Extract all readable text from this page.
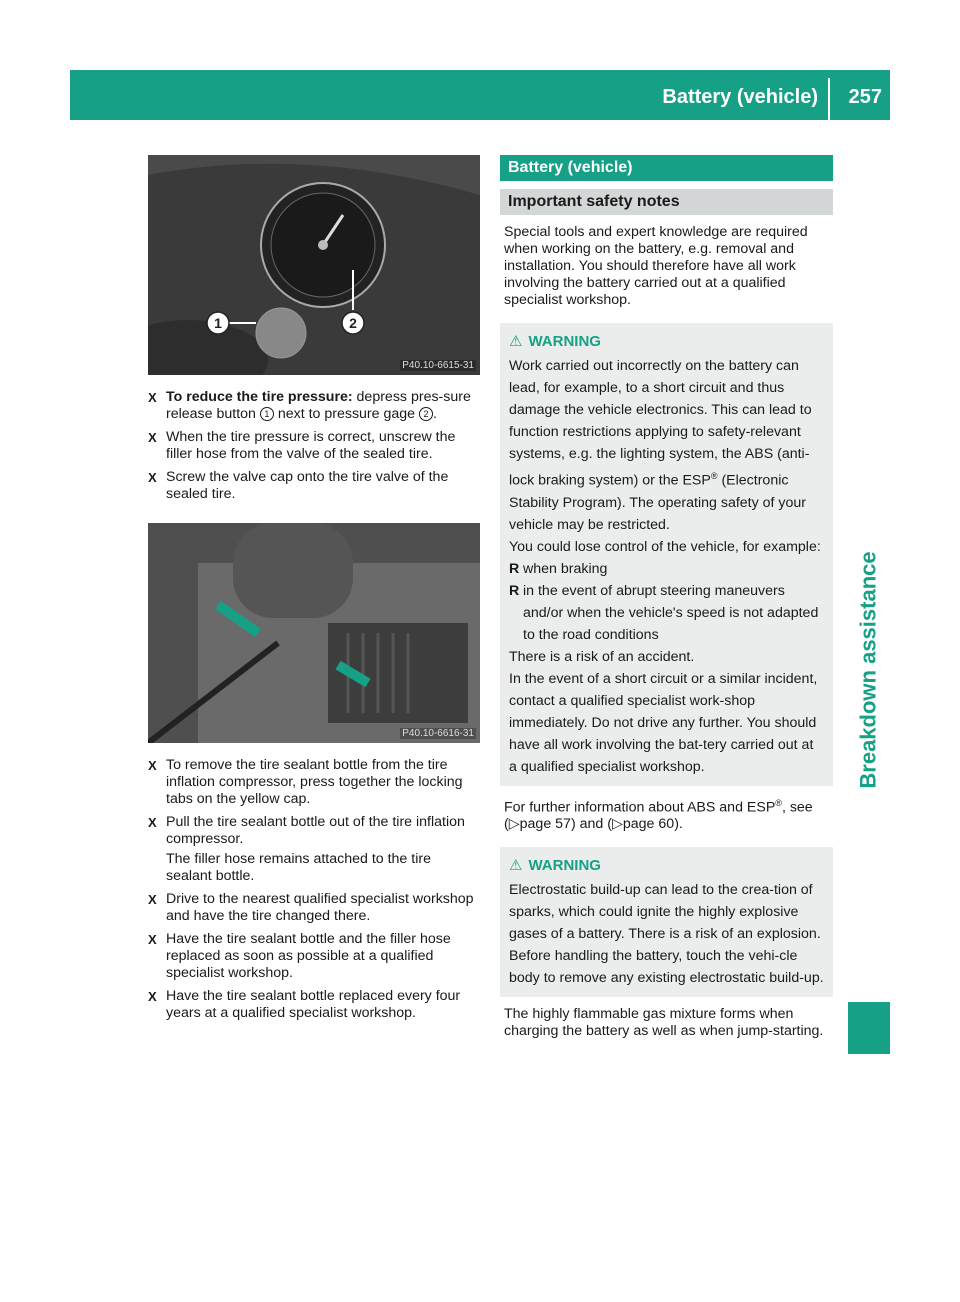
Battery (vehicle) 257
Breakdown assistance
1	2
P40.10-6615-31
X To reduce the tire pressure: depress pres-sure release button 1 next to pressure gage 2 .
X When the tire pressure is correct, unscrew the filler hose from the valve of the sealed tire.
X Screw the valve cap onto the tire valve of the sealed tire.
P40.10-6616-31
X To remove the tire sealant bottle from the tire inflation compressor, press together the locking tabs on the yellow cap.
X Pull the tire sealant bottle out of the tire inflation compressor.
The filler hose remains attached to the tire sealant bottle.
X Drive to the nearest qualified specialist workshop and have the tire changed there.
X Have the tire sealant bottle and the filler hose replaced as soon as possible at a qualified specialist workshop.
X Have the tire sealant bottle replaced every four years at a qualified specialist workshop.
Battery (vehicle)
Important safety notes

Special tools and expert knowledge are required when working on the battery, e.g. removal and installation. You should therefore have all work involving the battery carried out at a qualified specialist workshop.

⚠ WARNING

Work carried out incorrectly on the battery can lead, for example, to a short circuit and thus damage the vehicle electronics. This can lead to function restrictions applying to safety-relevant systems, e.g. the lighting system, the ABS (anti-lock braking system) or the ESP® (Electronic Stability Program). The operating safety of your vehicle may be restricted.

You could lose control of the vehicle, for example:

R when braking
R in the event of abrupt steering maneuvers and/or when the vehicle's speed is not adapted to the road conditions

There is a risk of an accident.

In the event of a short circuit or a similar incident, contact a qualified specialist work-shop immediately. Do not drive any further. You should have all work involving the bat-tery carried out at a qualified specialist workshop.

For further information about ABS and ESP®, see (▷page 57) and (▷page 60).

⚠ WARNING

Electrostatic build-up can lead to the crea-tion of sparks, which could ignite the highly explosive gases of a battery. There is a risk of an explosion.

Before handling the battery, touch the vehi-cle body to remove any existing electrostatic build-up.

The highly flammable gas mixture forms when charging the battery as well as when jump-starting.
